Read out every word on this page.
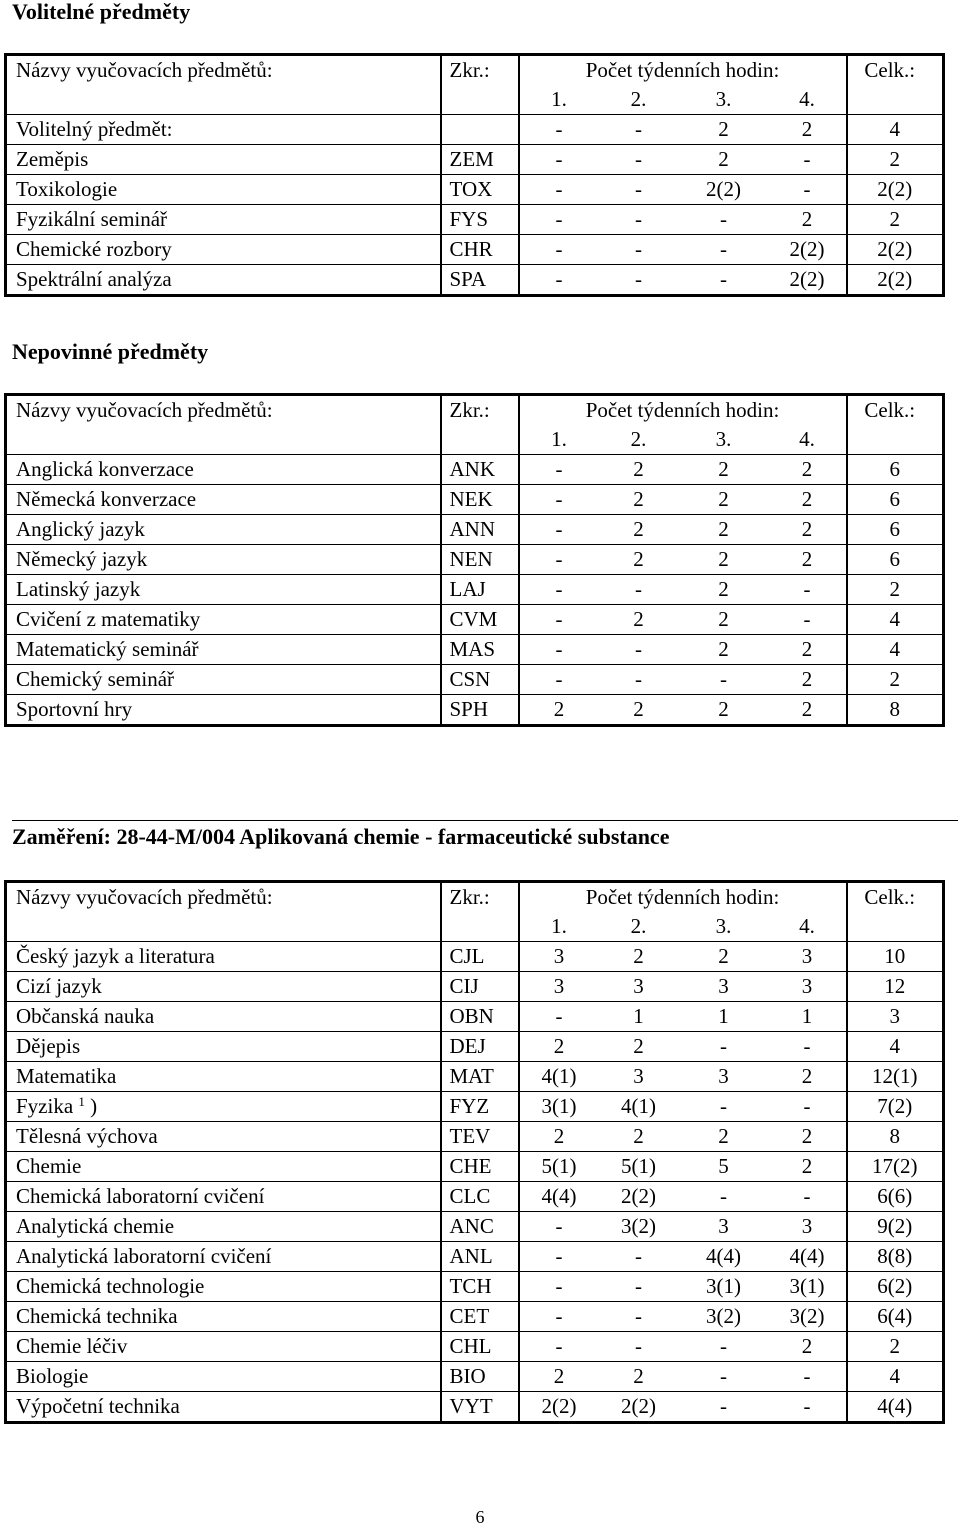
Volitelné předměty
Názvy vyučovacích předmětů:	Zkr.:	Počet týdenních hodin:				Celk.:
		1.	2.	3.	4.	
Volitelný předmět:		-	-	2	2	4
Zeměpis	ZEM	-	-	2	-	2
Toxikologie	TOX	-	-	2(2)	-	2(2)
Fyzikální seminář	FYS	-	-	-	2	2
Chemické rozbory	CHR	-	-	-	2(2)	2(2)
Spektrální analýza	SPA	-	-	-	2(2)	2(2)
Nepovinné předměty
Názvy vyučovacích předmětů:	Zkr.:	Počet týdenních hodin:				Celk.:
		1.	2.	3.	4.	
Anglická konverzace	ANK	-	2	2	2	6
Německá konverzace	NEK	-	2	2	2	6
Anglický jazyk	ANN	-	2	2	2	6
Německý jazyk	NEN	-	2	2	2	6
Latinský jazyk	LAJ	-	-	2	-	2
Cvičení z matematiky	CVM	-	2	2	-	4
Matematický seminář	MAS	-	-	2	2	4
Chemický seminář	CSN	-	-	-	2	2
Sportovní hry	SPH	2	2	2	2	8
Zaměření: 28-44-M/004 Aplikovaná chemie - farmaceutické substance
Názvy vyučovacích předmětů:	Zkr.:	Počet týdenních hodin:				Celk.:
		1.	2.	3.	4.	
Český jazyk a literatura	CJL	3	2	2	3	10
Cizí jazyk	CIJ	3	3	3	3	12
Občanská nauka	OBN	-	1	1	1	3
Dějepis	DEJ	2	2	-	-	4
Matematika	MAT	4(1)	3	3	2	12(1)
Fyzika $^1$ )	FYZ	3(1)	4(1)	-	-	7(2)
Tělesná výchova	TEV	2	2	2	2	8
Chemie	CHE	5(1)	5(1)	5	2	17(2)
Chemická laboratorní cvičení	CLC	4(4)	2(2)	-	-	6(6)
Analytická chemie	ANC	-	3(2)	3	3	9(2)
Analytická laboratorní cvičení	ANL	-	-	4(4)	4(4)	8(8)
Chemická technologie	TCH	-	-	3(1)	3(1)	6(2)
Chemická technika	CET	-	-	3(2)	3(2)	6(4)
Chemie léčiv	CHL	-	-	-	2	2
Biologie	BIO	2	2	-	-	4
Výpočetní technika	VYT	2(2)	2(2)	-	-	4(4)
6
